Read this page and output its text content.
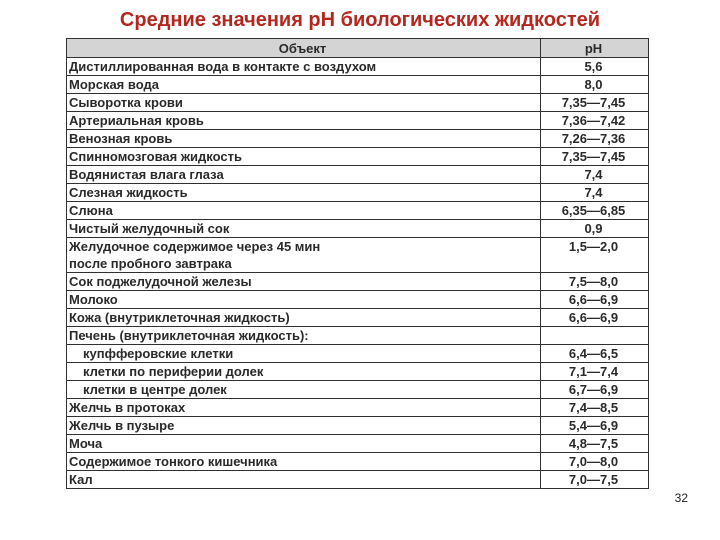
Средние значения рН биологических жидкостей
Объект	рН
Дистиллированная вода в контакте с воздухом	5,6
Морская вода	8,0
Сыворотка крови	7,35—7,45
Артериальная кровь	7,36—7,42
Венозная кровь	7,26—7,36
Спинномозговая жидкость	7,35—7,45
Водянистая влага глаза	7,4
Слезная жидкость	7,4
Слюна	6,35—6,85
Чистый желудочный сок	0,9
Желудочное содержимое через 45 мин
после пробного завтрака	1,5—2,0
Сок поджелудочной железы	7,5—8,0
Молоко	6,6—6,9
Кожа (внутриклеточная жидкость)	6,6—6,9
Печень (внутриклеточная жидкость):	
купфферовские клетки	6,4—6,5
клетки по периферии долек	7,1—7,4
клетки в центре долек	6,7—6,9
Желчь в протоках	7,4—8,5
Желчь в пузыре	5,4—6,9
Моча	4,8—7,5
Содержимое тонкого кишечника	7,0—8,0
Кал	7,0—7,5
32
